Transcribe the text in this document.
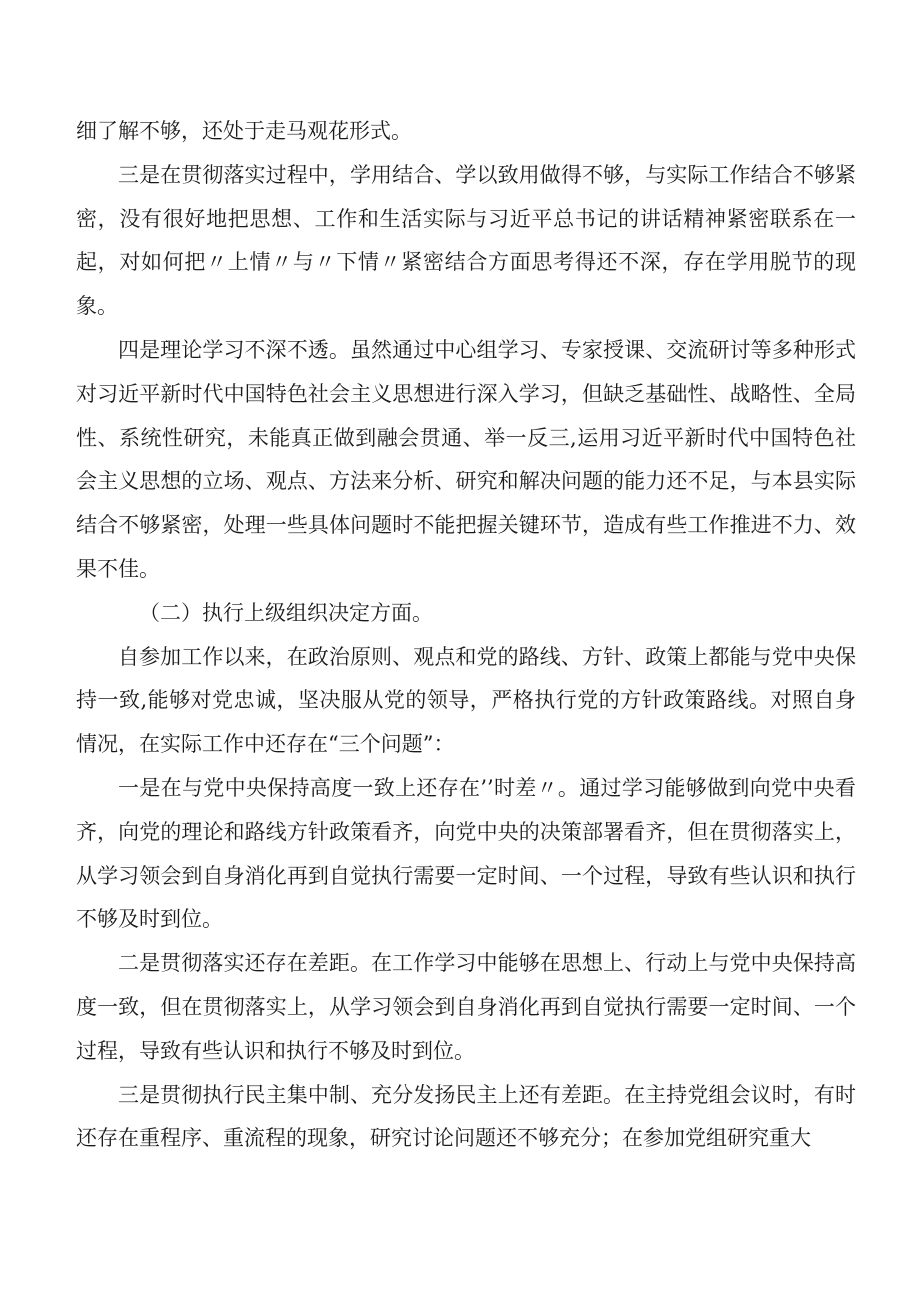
细了解不够，还处于走马观花形式。

三是在贯彻落实过程中，学用结合、学以致用做得不够，与实际工作结合不够紧密，没有很好地把思想、工作和生活实际与习近平总书记的讲话精神紧密联系在一起，对如何把〃上情〃与〃下情〃紧密结合方面思考得还不深，存在学用脱节的现象。

四是理论学习不深不透。虽然通过中心组学习、专家授课、交流研讨等多种形式对习近平新时代中国特色社会主义思想进行深入学习，但缺乏基础性、战略性、全局性、系统性研究，未能真正做到融会贯通、举一反三,运用习近平新时代中国特色社会主义思想的立场、观点、方法来分析、研究和解决问题的能力还不足，与本县实际结合不够紧密，处理一些具体问题时不能把握关键环节，造成有些工作推进不力、效果不佳。

（二）执行上级组织决定方面。

自参加工作以来，在政治原则、观点和党的路线、方针、政策上都能与党中央保持一致,能够对党忠诚，坚决服从党的领导，严格执行党的方针政策路线。对照自身情况，在实际工作中还存在“三个问题”：

一是在与党中央保持高度一致上还存在’’时差〃。通过学习能够做到向党中央看齐，向党的理论和路线方针政策看齐，向党中央的决策部署看齐，但在贯彻落实上，从学习领会到自身消化再到自觉执行需要一定时间、一个过程，导致有些认识和执行不够及时到位。

二是贯彻落实还存在差距。在工作学习中能够在思想上、行动上与党中央保持高度一致，但在贯彻落实上，从学习领会到自身消化再到自觉执行需要一定时间、一个过程，导致有些认识和执行不够及时到位。

三是贯彻执行民主集中制、充分发扬民主上还有差距。在主持党组会议时，有时还存在重程序、重流程的现象，研究讨论问题还不够充分；在参加党组研究重大
